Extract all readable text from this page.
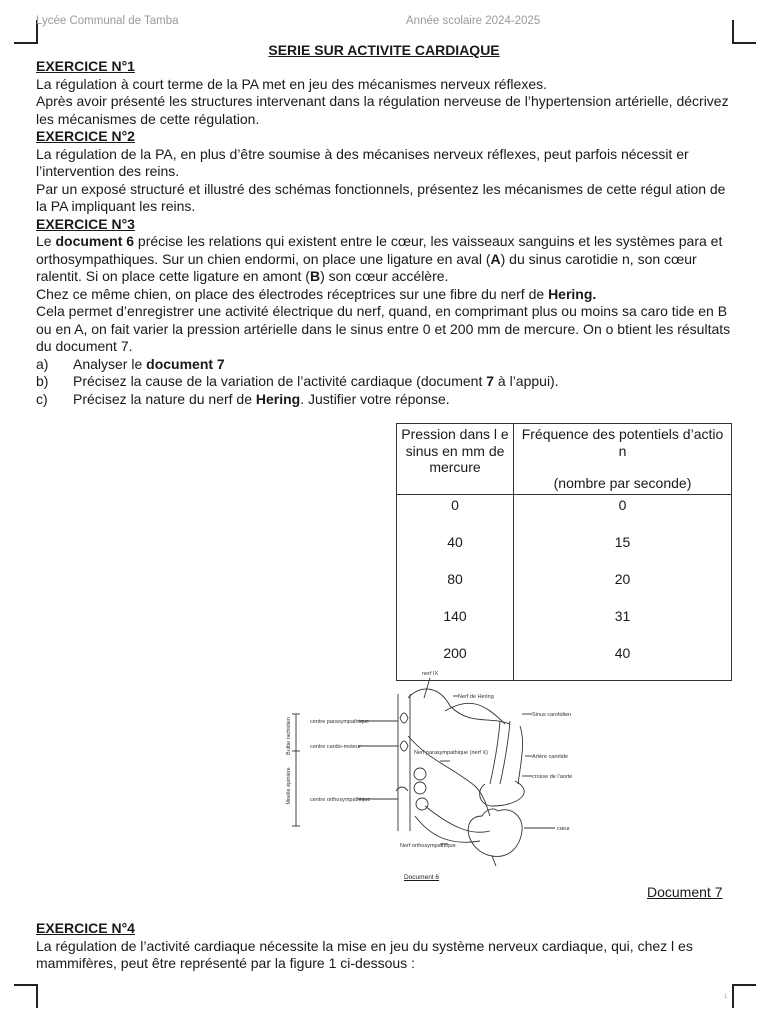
Lycée Communal de Tamba	Année scolaire 2024-2025
SERIE SUR ACTIVITE CARDIAQUE

EXERCICE N°1

La régulation à court terme de la PA met en jeu des mécanismes nerveux réflexes.

Après avoir présenté les structures intervenant dans la régulation nerveuse de l’hypertension artérielle, décrivez les mécanismes de cette régulation.

EXERCICE N°2

La régulation de la PA, en plus d’être soumise à des mécanises nerveux réflexes, peut parfois nécessit er l’intervention des reins.

Par un exposé structuré et illustré des schémas fonctionnels, présentez les mécanismes de cette régul ation de la PA impliquant les reins.

EXERCICE N°3

Le document 6 précise les relations qui existent entre le cœur, les vaisseaux sanguins et les systèmes para et orthosympathiques. Sur un chien endormi, on place une ligature en aval (A) du sinus carotidie n, son cœur ralentit. Si on place cette ligature en amont (B) son cœur accélère.

Chez ce même chien, on place des électrodes réceptrices sur une fibre du nerf de Hering.

Cela permet d’enregistrer une activité électrique du nerf, quand, en comprimant plus ou moins sa caro tide en B ou en A, on fait varier la pression artérielle dans le sinus entre 0 et 200 mm de mercure. On o btient les résultats du document 7.

a)	Analyser le document 7
b)	Précisez la cause de la variation de l’activité cardiaque (document 7 à l’appui).
c)	Précisez la nature du nerf de Hering. Justifier votre réponse.
Pression dans l e sinus en mm de mercure	Fréquence des potentiels d’actio n
(nombre par seconde)

0	0
40	15
80	20
140	31
200	40
nerf IX
Nerf de Hering
Sinus carotidien
Artère carotide
crosse de l’aorte
cœur
centre parasympathique
centre cardio-moteur
centre orthosympathique
Nerf parasympathique (nerf X)
Nerf orthosympathique
Bulbe rachidien
Moelle épinière
Document 6
Document 7

EXERCICE N°4

La régulation de l’activité cardiaque nécessite la mise en jeu du système nerveux cardiaque, qui, chez l es mammifères, peut être représenté par la figure 1 ci-dessous :

1
